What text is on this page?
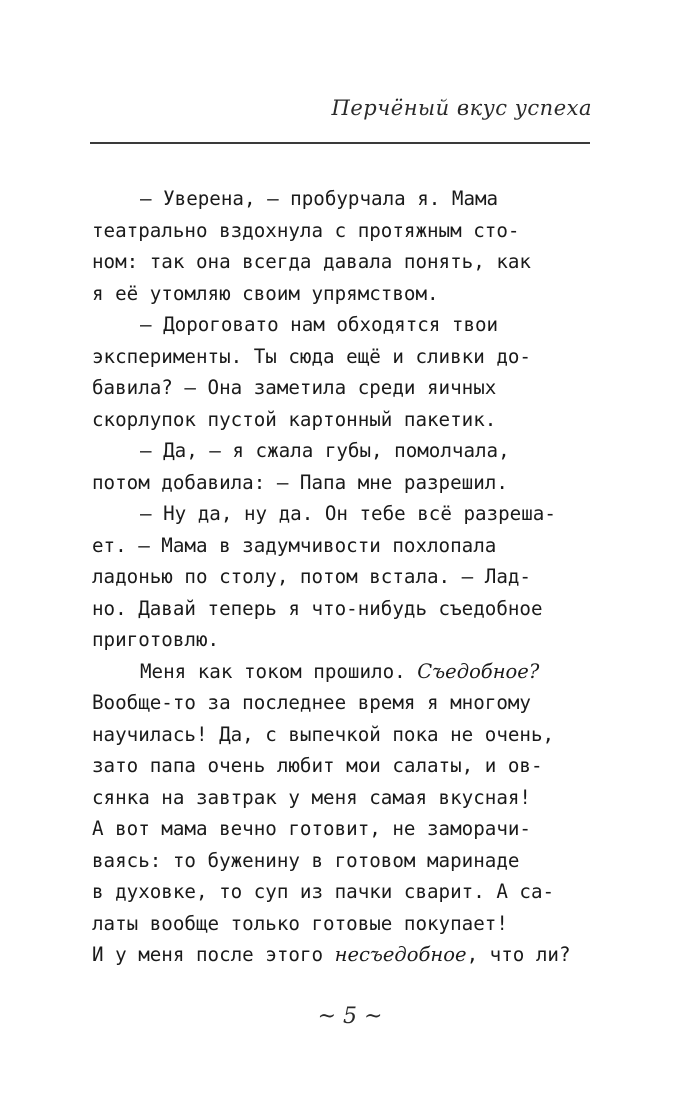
Перчёный вкус успеха
— Уверена, — пробурчала я. Мама
театрально вздохнула с протяжным сто-
ном: так она всегда давала понять, как
я её утомляю своим упрямством.
— Дороговато нам обходятся твои
эксперименты. Ты сюда ещё и сливки до-
бавила? — Она заметила среди яичных
скорлупок пустой картонный пакетик.
— Да, — я сжала губы, помолчала,
потом добавила: — Папа мне разрешил.
— Ну да, ну да. Он тебе всё разреша-
ет. — Мама в задумчивости похлопала
ладонью по столу, потом встала. — Лад-
но. Давай теперь я что-нибудь съедобное
приготовлю.
Меня как током прошило. Съедобное?
Вообще-то за последнее время я многому
научилась! Да, с выпечкой пока не очень,
зато папа очень любит мои салаты, и ов-
сянка на завтрак у меня самая вкусная!
А вот мама вечно готовит, не заморачи-
ваясь: то буженину в готовом маринаде
в духовке, то суп из пачки сварит. А са-
латы вообще только готовые покупает!
И у меня после этого несъедобное, что ли?
~ 5 ~
